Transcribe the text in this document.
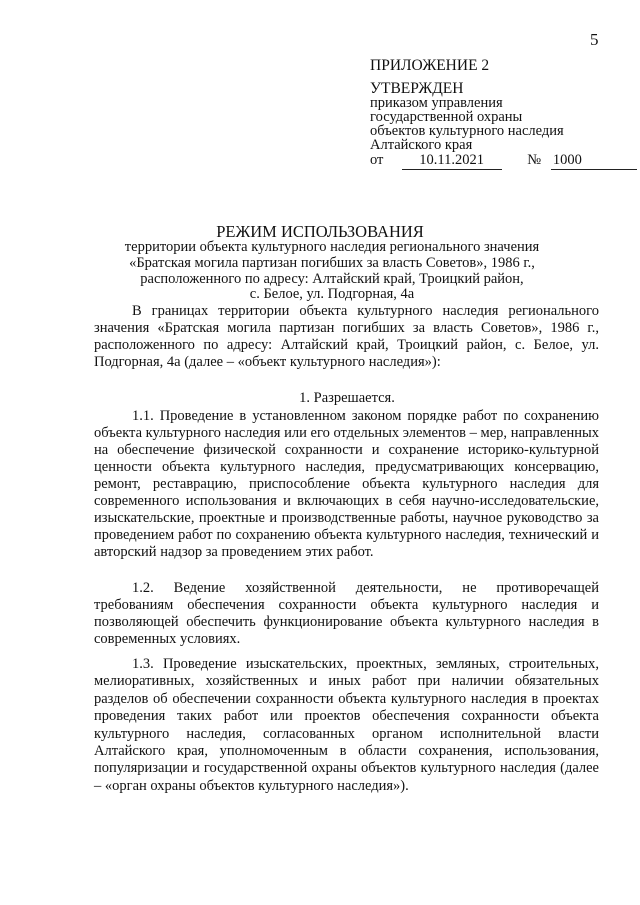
5
ПРИЛОЖЕНИЕ 2
УТВЕРЖДЕН
приказом управления
государственной охраны
объектов культурного наследия
Алтайского края
от 10.11.2021	№ 1000
РЕЖИМ ИСПОЛЬЗОВАНИЯ
территории объекта культурного наследия регионального значения
«Братская могила партизан погибших за власть Советов», 1986 г.,
расположенного по адресу: Алтайский край, Троицкий район,
с. Белое, ул. Подгорная, 4а

В границах территории объекта культурного наследия регионального значения «Братская могила партизан погибших за власть Советов», 1986 г., расположенного по адресу: Алтайский край, Троицкий район, с. Белое, ул. Подгорная, 4а (далее – «объект культурного наследия»):

1. Разрешается.

1.1. Проведение в установленном законом порядке работ по сохранению объекта культурного наследия или его отдельных элементов – мер, направленных на обеспечение физической сохранности и сохранение историко-культурной ценности объекта культурного наследия, предусматривающих консервацию, ремонт, реставрацию, приспособление объекта культурного наследия для современного использования и включающих в себя научно-исследовательские, изыскательские, проектные и производственные работы, научное руководство за проведением работ по сохранению объекта культурного наследия, технический и авторский надзор за проведением этих работ.

1.2. Ведение хозяйственной деятельности, не противоречащей требованиям обеспечения сохранности объекта культурного наследия и позволяющей обеспечить функционирование объекта культурного наследия в современных условиях.

1.3. Проведение изыскательских, проектных, земляных, строительных, мелиоративных, хозяйственных и иных работ при наличии обязательных разделов об обеспечении сохранности объекта культурного наследия в проектах проведения таких работ или проектов обеспечения сохранности объекта культурного наследия, согласованных органом исполнительной власти Алтайского края, уполномоченным в области сохранения, использования, популяризации и государственной охраны объектов культурного наследия (далее – «орган охраны объектов культурного наследия»).
